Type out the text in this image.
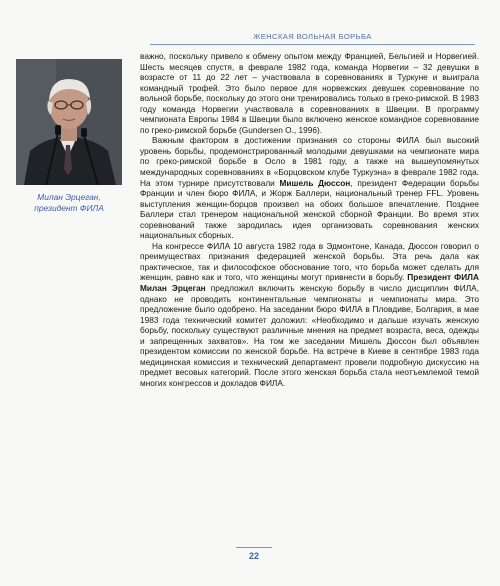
ЖЕНСКАЯ ВОЛЬНАЯ БОРЬБА
Милан Эрцеган,
президент ФИЛА

важно, поскольку привело к обмену опытом между Францией, Бельгией и Норвегией. Шесть месяцев спустя, в феврале 1982 года, команда Норвегии – 32 девушки в возрасте от 11 до 22 лет – участвовала в соревнованиях в Туркуне и выиграла командный трофей. Это было первое для норвежских девушек соревнование по вольной борьбе, поскольку до этого они тренировались только в греко-римской. В 1983 году команда Норвегии участвовала в соревнованиях в Швеции. В программу чемпионата Европы 1984 в Швеции было включено женское командное соревнование по греко-римской борьбе (Gundersen O., 1996).

Важным фактором в достижении признания со стороны ФИЛА был высокий уровень борьбы, продемонстрированный молодыми девушками на чемпионате мира по греко-римской борьбе в Осло в 1981 году, а также на вышеупомянутых международных соревнованиях в «Борцовском клубе Туркуэна» в феврале 1982 года. На этом турнире присутствовали Мишель Дюссон, президент Федерации борьбы Франции и член бюро ФИЛА, и Жорж Баллери, национальный тренер FFL. Уровень выступления женщин-борцов произвел на обоих большое впечатление. Позднее Баллери стал тренером национальной женской сборной Франции. Во время этих соревнований также зародилась идея организовать соревнования женских национальных сборных.

На конгрессе ФИЛА 10 августа 1982 года в Эдмонтоне, Канада, Дюссон говорил о преимуществах признания федерацией женской борьбы. Эта речь дала как практическое, так и философское обоснование того, что борьба может сделать для женщин, равно как и того, что женщины могут привнести в борьбу. Президент ФИЛА Милан Эрцеган предложил включить женскую борьбу в число дисциплин ФИЛА, однако не проводить континентальные чемпионаты и чемпионаты мира. Это предложение было одобрено. На заседании бюро ФИЛА в Пловдиве, Болгария, в мае 1983 года технический комитет доложил: «Необходимо и дальше изучать женскую борьбу, поскольку существуют различные мнения на предмет возраста, веса, одежды и запрещенных захватов». На том же заседании Мишель Дюссон был объявлен президентом комиссии по женской борьбе. На встрече в Киеве в сентябре 1983 года медицинская комиссия и технический департамент провели подробную дискуссию на предмет весовых категорий. После этого женская борьба стала неотъемлемой темой многих конгрессов и докладов ФИЛА.

22
